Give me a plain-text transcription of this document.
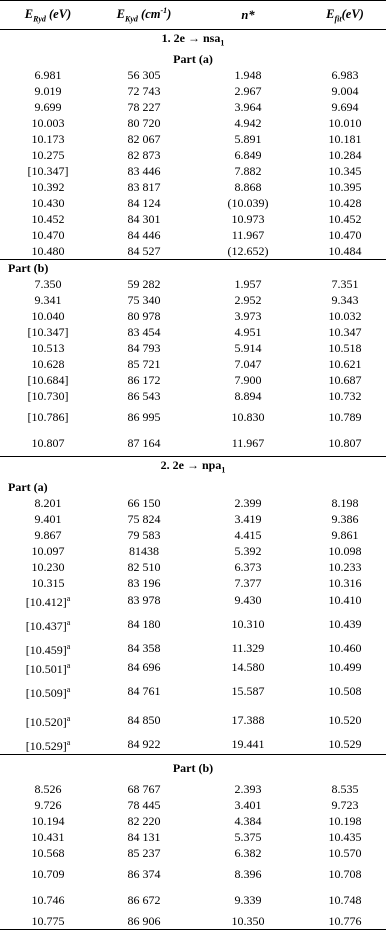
$E_{Ryd}$ (eV)	$E_{Kyd}$ $(cm^{-1})$	n*	$E_{fit}(eV)$
1. 2e → nsa$_1$
Part (a)			
6.981	56 305	1.948	6.983
9.019	72 743	2.967	9.004
9.699	78 227	3.964	9.694
10.003	80 720	4.942	10.010
10.173	82 067	5.891	10.181
10.275	82 873	6.849	10.284
[10.347]	83 446	7.882	10.345
10.392	83 817	8.868	10.395
10.430	84 124	(10.039)	10.428
10.452	84 301	10.973	10.452
10.470	84 446	11.967	10.470
10.480	84 527	(12.652)	10.484
Part (b)			
7.350	59 282	1.957	7.351
9.341	75 340	2.952	9.343
10.040	80 978	3.973	10.032
[10.347]	83 454	4.951	10.347
10.513	84 793	5.914	10.518
10.628	85 721	7.047	10.621
[10.684]	86 172	7.900	10.687
[10.730]	86 543	8.894	10.732
[10.786]	86 995	10.830	10.789
10.807	87 164	11.967	10.807
2. 2e → npa$_1$
Part (a)			
8.201	66 150	2.399	8.198
9.401	75 824	3.419	9.386
9.867	79 583	4.415	9.861
10.097	81438	5.392	10.098
10.230	82 510	6.373	10.233
10.315	83 196	7.377	10.316
$[10.412]^a$	83 978	9.430	10.410
$[10.437]^a$	84 180	10.310	10.439
$[10.459]^a$	84 358	11.329	10.460
$[10.501]^a$	84 696	14.580	10.499
$[10.509]^a$	84 761	15.587	10.508
$[10.520]^a$	84 850	17.388	10.520
$[10.529]^a$	84 922	19.441	10.529
Part (b)			
8.526	68 767	2.393	8.535
9.726	78 445	3.401	9.723
10.194	82 220	4.384	10.198
10.431	84 131	5.375	10.435
10.568	85 237	6.382	10.570
10.709	86 374	8.396	10.708
10.746	86 672	9.339	10.748
10.775	86 906	10.350	10.776
